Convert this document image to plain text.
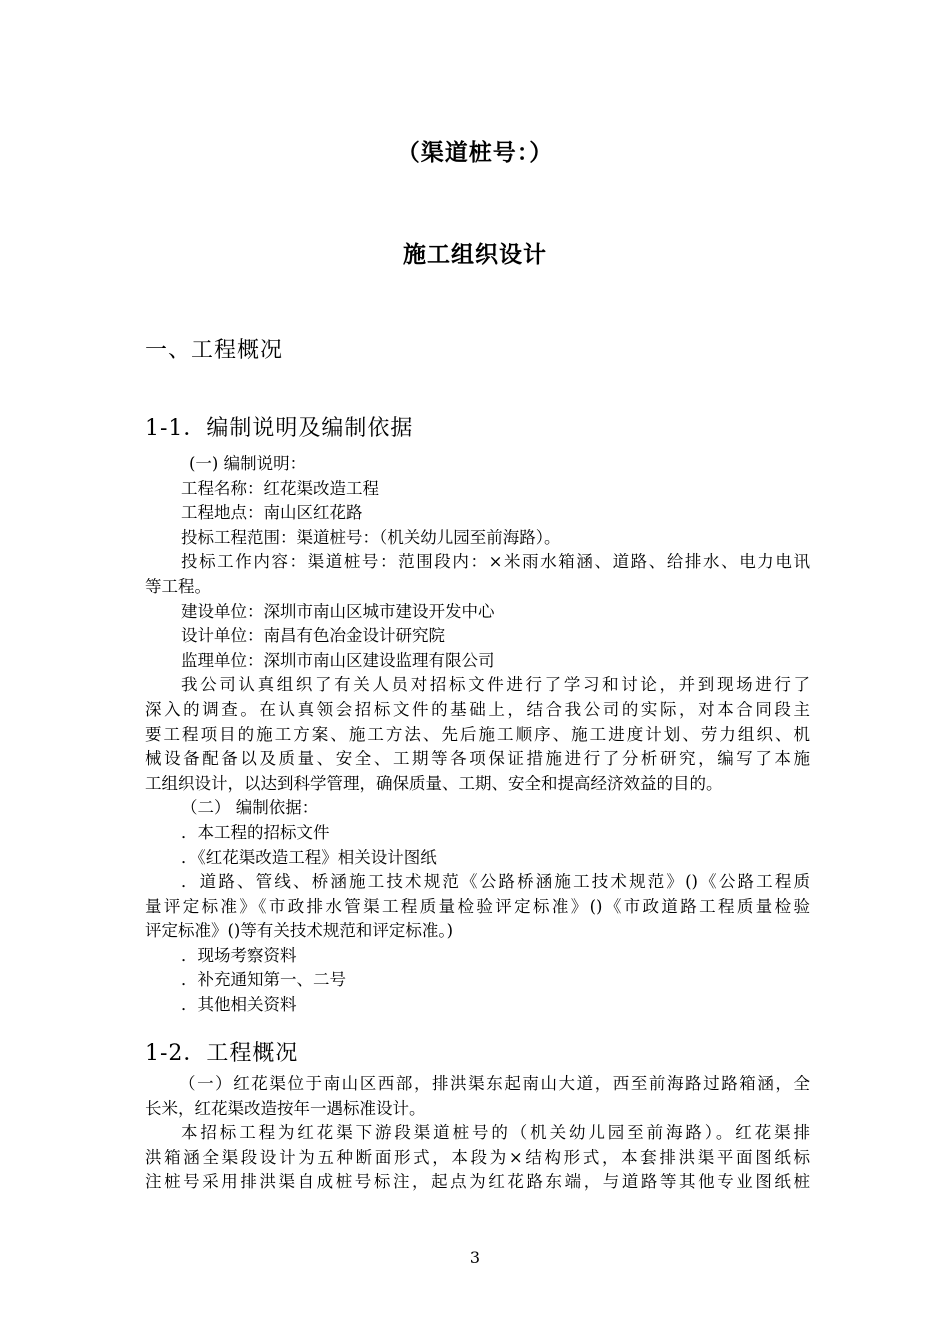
（渠道桩号：）
施工组织设计
一、工程概况
1-1．编制说明及编制依据
(一) 编制说明：
工程名称：红花渠改造工程
工程地点：南山区红花路
投标工程范围：渠道桩号：（机关幼儿园至前海路）。
投标工作内容：渠道桩号：范围段内：×米雨水箱涵、道路、给排水、电力电讯
等工程。
建设单位：深圳市南山区城市建设开发中心
设计单位：南昌有色冶金设计研究院
监理单位：深圳市南山区建设监理有限公司
我公司认真组织了有关人员对招标文件进行了学习和讨论，并到现场进行了
深入的调查。在认真领会招标文件的基础上，结合我公司的实际，对本合同段主
要工程项目的施工方案、施工方法、先后施工顺序、施工进度计划、劳力组织、机
械设备配备以及质量、安全、工期等各项保证措施进行了分析研究，编写了本施
工组织设计，以达到科学管理，确保质量、工期、安全和提高经济效益的目的。
（二） 编制依据：
．本工程的招标文件
．《红花渠改造工程》相关设计图纸
．道路、管线、桥涵施工技术规范《公路桥涵施工技术规范》()《公路工程质
量评定标准》《市政排水管渠工程质量检验评定标准》()《市政道路工程质量检验
评定标准》()等有关技术规范和评定标准。)
．现场考察资料
．补充通知第一、二号
．其他相关资料
1-2．工程概况
（一）红花渠位于南山区西部，排洪渠东起南山大道，西至前海路过路箱涵，全
长米，红花渠改造按年一遇标准设计。
本招标工程为红花渠下游段渠道桩号的（机关幼儿园至前海路）。红花渠排
洪箱涵全渠段设计为五种断面形式，本段为×结构形式，本套排洪渠平面图纸标
注桩号采用排洪渠自成桩号标注，起点为红花路东端，与道路等其他专业图纸桩
3
